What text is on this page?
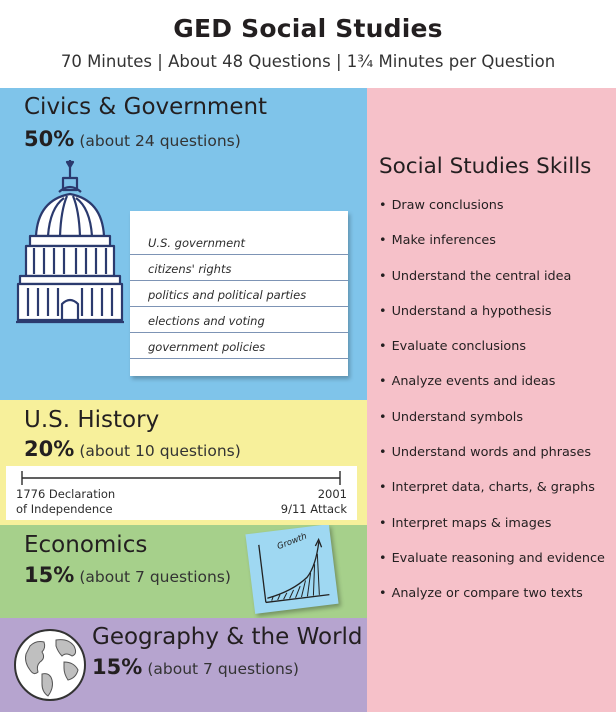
GED Social Studies
70 Minutes | About 48 Questions | 1¾ Minutes per Question
Civics & Government
50% (about 24 questions)
U.S. government
citizens' rights
politics and political parties
elections and voting
government policies
U.S. History
20% (about 10 questions)
1776 Declaration
of Independence
2001
9/11 Attack
Economics
15% (about 7 questions)
Growth
Geography & the World
15% (about 7 questions)
Social Studies Skills
• Draw conclusions
• Make inferences
• Understand the central idea
• Understand a hypothesis
• Evaluate conclusions
• Analyze events and ideas
• Understand symbols
• Understand words and phrases
• Interpret data, charts, & graphs
• Interpret maps & images
• Evaluate reasoning and evidence
• Analyze or compare two texts
